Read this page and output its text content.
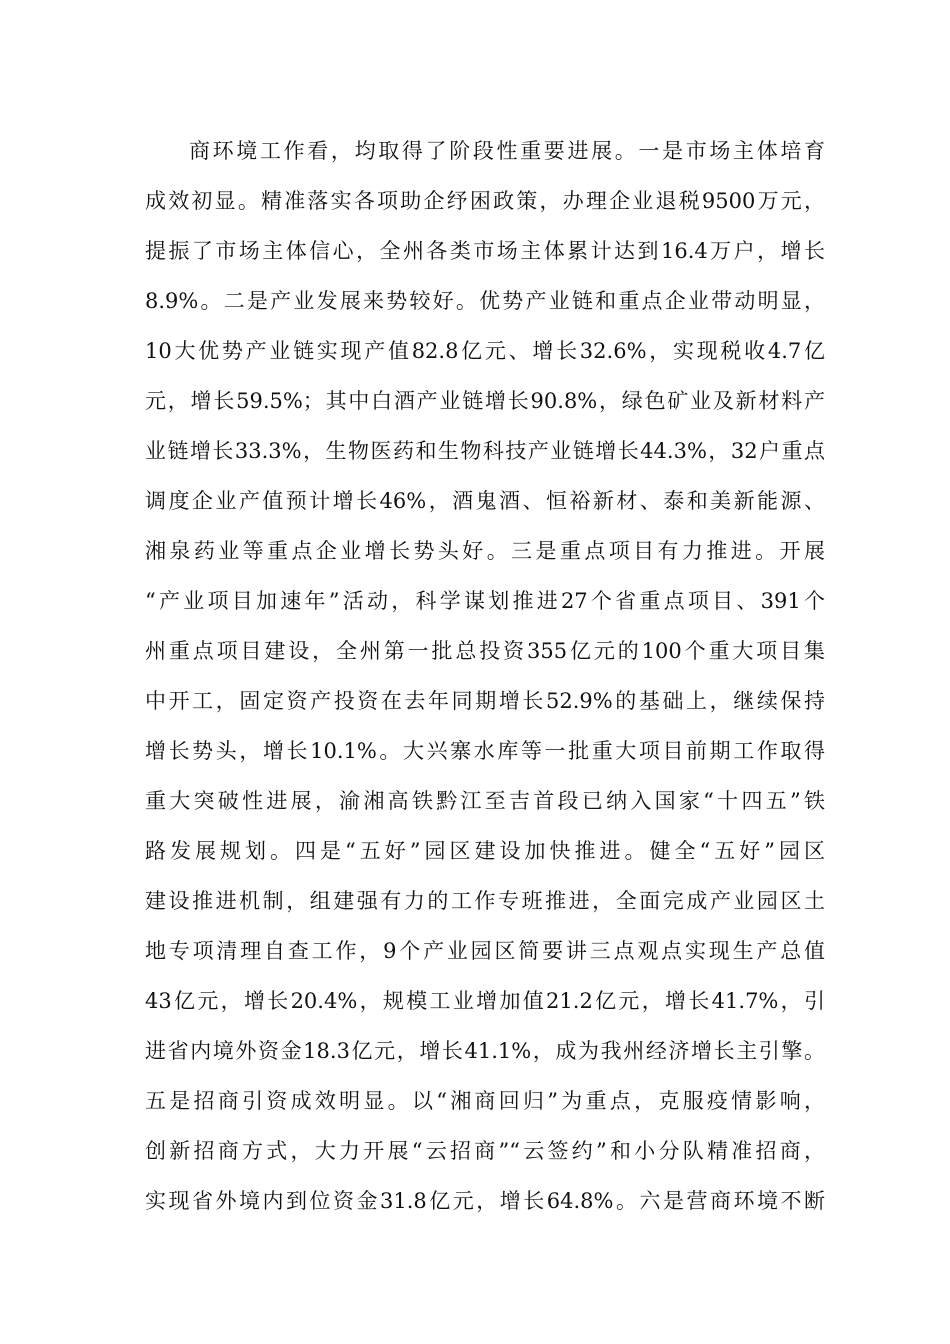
商环境工作看，均取得了阶段性重要进展。一是市场主体培育
成效初显。精准落实各项助企纾困政策，办理企业退税9500万元，
提振了市场主体信心，全州各类市场主体累计达到16.4万户，增长
8.9%。二是产业发展来势较好。优势产业链和重点企业带动明显，
10大优势产业链实现产值82.8亿元、增长32.6%，实现税收4.7亿
元，增长59.5%；其中白酒产业链增长90.8%，绿色矿业及新材料产
业链增长33.3%，生物医药和生物科技产业链增长44.3%，32户重点
调度企业产值预计增长46%，酒鬼酒、恒裕新材、泰和美新能源、
湘泉药业等重点企业增长势头好。三是重点项目有力推进。开展
“产业项目加速年”活动，科学谋划推进27个省重点项目、391个
州重点项目建设，全州第一批总投资355亿元的100个重大项目集
中开工，固定资产投资在去年同期增长52.9%的基础上，继续保持
增长势头，增长10.1%。大兴寨水库等一批重大项目前期工作取得
重大突破性进展，渝湘高铁黔江至吉首段已纳入国家“十四五”铁
路发展规划。四是“五好”园区建设加快推进。健全“五好”园区
建设推进机制，组建强有力的工作专班推进，全面完成产业园区土
地专项清理自查工作，9个产业园区简要讲三点观点实现生产总值
43亿元，增长20.4%，规模工业增加值21.2亿元，增长41.7%，引
进省内境外资金18.3亿元，增长41.1%，成为我州经济增长主引擎。
五是招商引资成效明显。以“湘商回归”为重点，克服疫情影响，
创新招商方式，大力开展“云招商”“云签约”和小分队精准招商，
实现省外境内到位资金31.8亿元，增长64.8%。六是营商环境不断
